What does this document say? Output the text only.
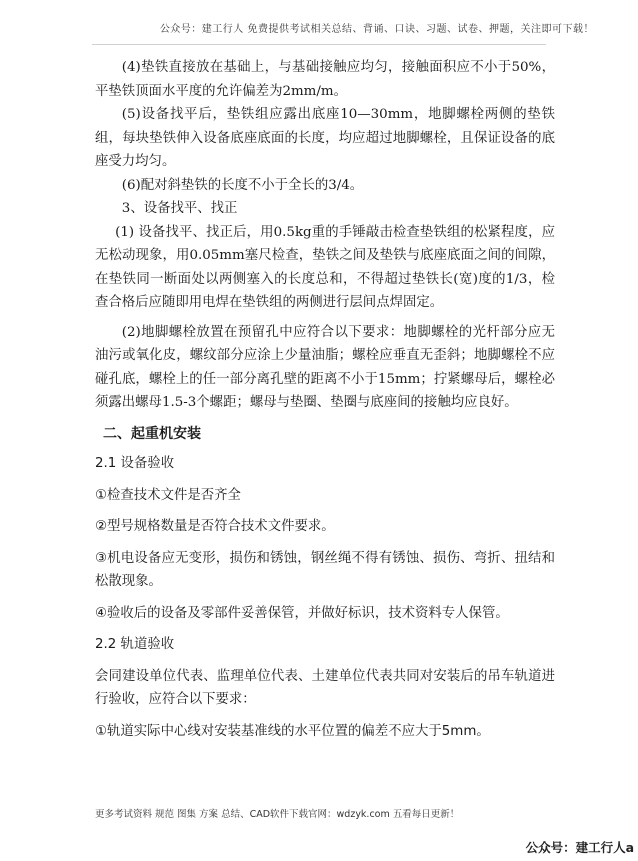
公众号：建工行人 免费提供考试相关总结、背诵、口诀、习题、试卷、押题，关注即可下载！

(4)垫铁直接放在基础上，与基础接触应均匀，接触面积应不小于50%，平垫铁顶面水平度的允许偏差为2mm/m。

(5)设备找平后，垫铁组应露出底座10—30mm，地脚螺栓两侧的垫铁组，每块垫铁伸入设备底座底面的长度，均应超过地脚螺栓，且保证设备的底座受力均匀。

(6)配对斜垫铁的长度不小于全长的3/4。

3、设备找平、找正

(1) 设备找平、找正后，用0.5kg重的手锤敲击检查垫铁组的松紧程度，应无松动现象，用0.05mm塞尺检查，垫铁之间及垫铁与底座底面之间的间隙，在垫铁同一断面处以两侧塞入的长度总和，不得超过垫铁长(宽)度的1/3，检查合格后应随即用电焊在垫铁组的两侧进行层间点焊固定。

(2)地脚螺栓放置在预留孔中应符合以下要求：地脚螺栓的光杆部分应无油污或氧化皮，螺纹部分应涂上少量油脂；螺栓应垂直无歪斜；地脚螺栓不应碰孔底，螺栓上的任一部分离孔壁的距离不小于15mm；拧紧螺母后，螺栓必须露出螺母1.5-3个螺距；螺母与垫圈、垫圈与底座间的接触均应良好。

二、起重机安装

2.1 设备验收

①检查技术文件是否齐全

②型号规格数量是否符合技术文件要求。

③机电设备应无变形，损伤和锈蚀，钢丝绳不得有锈蚀、损伤、弯折、扭结和松散现象。

④验收后的设备及零部件妥善保管，并做好标识，技术资料专人保管。

2.2 轨道验收

会同建设单位代表、监理单位代表、土建单位代表共同对安装后的吊车轨道进行验收，应符合以下要求：

①轨道实际中心线对安装基准线的水平位置的偏差不应大于5mm。

更多考试资料 规范 图集 方案 总结、CAD软件下载官网：wdzyk.com 五看每日更新！
公众号：建工行人a
